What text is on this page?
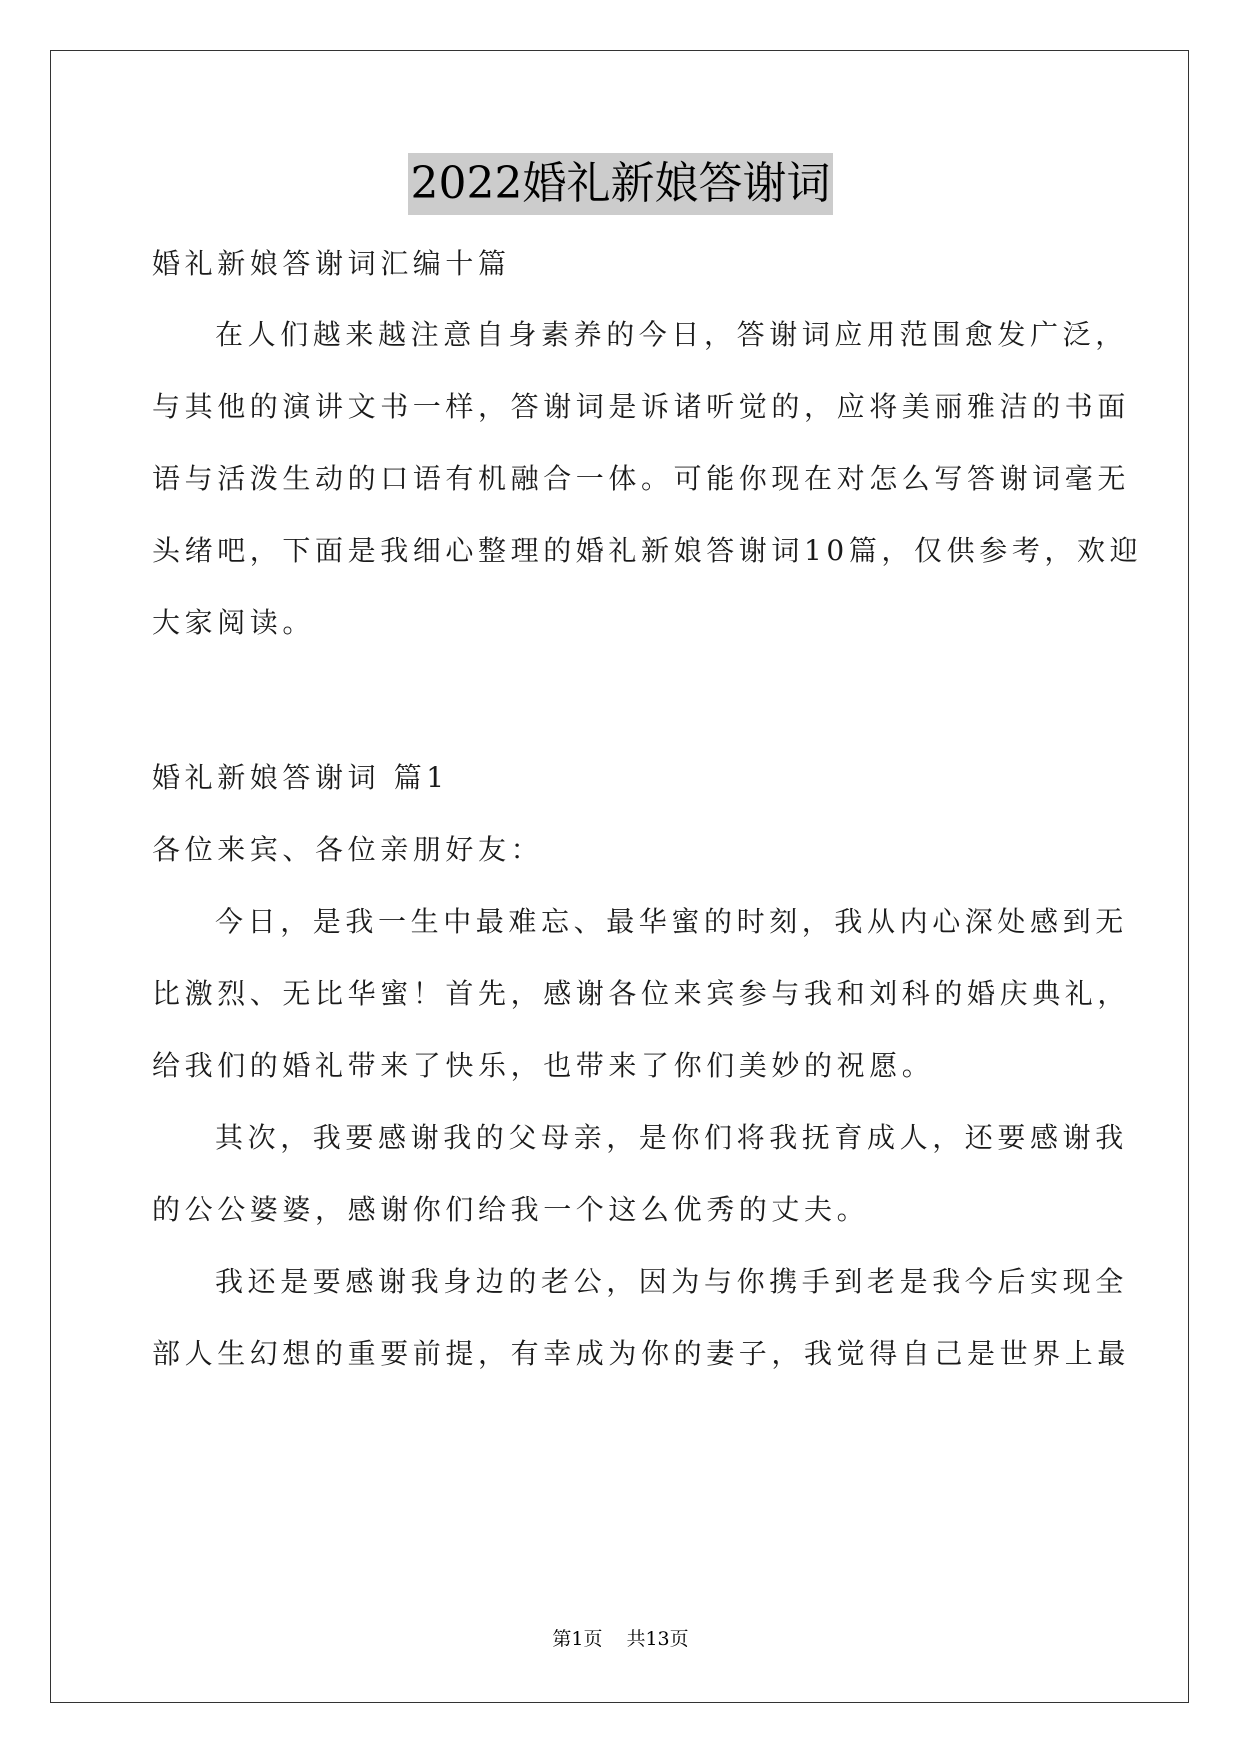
2022婚礼新娘答谢词
婚礼新娘答谢词汇编十篇
在人们越来越注意自身素养的今日，答谢词应用范围愈发广泛，
与其他的演讲文书一样，答谢词是诉诸听觉的，应将美丽雅洁的书面
语与活泼生动的口语有机融合一体。可能你现在对怎么写答谢词毫无
头绪吧，下面是我细心整理的婚礼新娘答谢词10篇，仅供参考，欢迎
大家阅读。
婚礼新娘答谢词 篇1
各位来宾、各位亲朋好友：
今日，是我一生中最难忘、最华蜜的时刻，我从内心深处感到无
比激烈、无比华蜜！首先，感谢各位来宾参与我和刘科的婚庆典礼，
给我们的婚礼带来了快乐，也带来了你们美妙的祝愿。
其次，我要感谢我的父母亲，是你们将我抚育成人，还要感谢我
的公公婆婆，感谢你们给我一个这么优秀的丈夫。
我还是要感谢我身边的老公，因为与你携手到老是我今后实现全
部人生幻想的重要前提，有幸成为你的妻子，我觉得自己是世界上最
第1页 共13页
